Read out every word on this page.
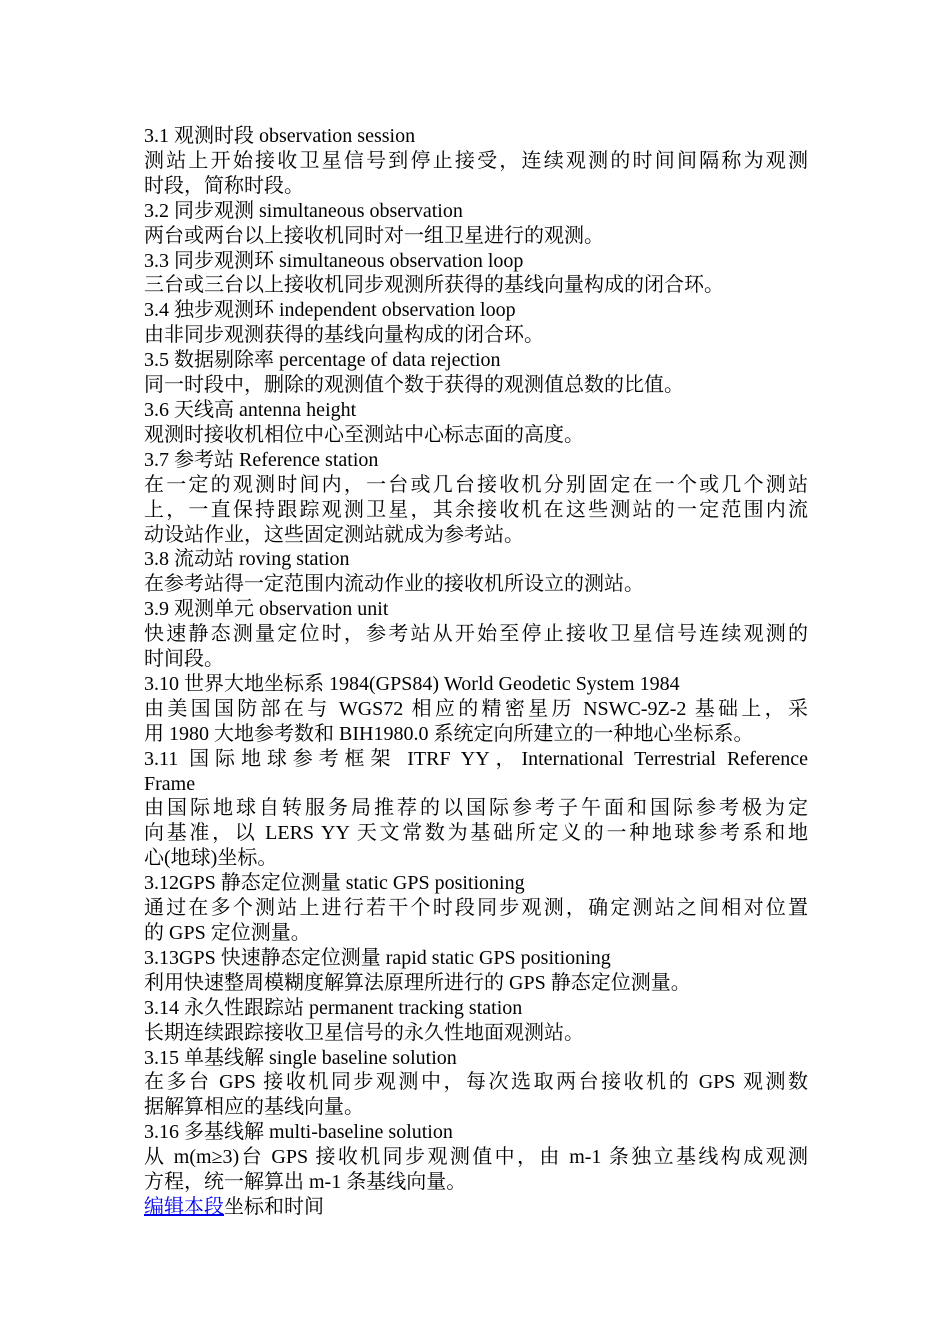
3.1 观测时段 observation session
测站上开始接收卫星信号到停止接受，连续观测的时间间隔称为观测
时段，简称时段。
3.2 同步观测 simultaneous observation
两台或两台以上接收机同时对一组卫星进行的观测。
3.3 同步观测环 simultaneous observation loop
三台或三台以上接收机同步观测所获得的基线向量构成的闭合环。
3.4 独步观测环 independent observation loop
由非同步观测获得的基线向量构成的闭合环。
3.5 数据剔除率 percentage of data rejection
同一时段中，删除的观测值个数于获得的观测值总数的比值。
3.6 天线高 antenna height
观测时接收机相位中心至测站中心标志面的高度。
3.7 参考站 Reference station
在一定的观测时间内，一台或几台接收机分别固定在一个或几个测站
上，一直保持跟踪观测卫星，其余接收机在这些测站的一定范围内流
动设站作业，这些固定测站就成为参考站。
3.8 流动站 roving station
在参考站得一定范围内流动作业的接收机所设立的测站。
3.9 观测单元 observation unit
快速静态测量定位时，参考站从开始至停止接收卫星信号连续观测的
时间段。
3.10 世界大地坐标系 1984(GPS84) World Geodetic System 1984
由美国国防部在与 WGS72 相应的精密星历 NSWC-9Z-2 基础上，采
用 1980 大地参考数和 BIH1980.0 系统定向所建立的一种地心坐标系。
3.11 国际地球参考框架 ITRF YY，International Terrestrial Reference
Frame
由国际地球自转服务局推荐的以国际参考子午面和国际参考极为定
向基准，以 LERS YY 天文常数为基础所定义的一种地球参考系和地
心(地球)坐标。
3.12GPS 静态定位测量 static GPS positioning
通过在多个测站上进行若干个时段同步观测，确定测站之间相对位置
的 GPS 定位测量。
3.13GPS 快速静态定位测量 rapid static GPS positioning
利用快速整周模糊度解算法原理所进行的 GPS 静态定位测量。
3.14 永久性跟踪站 permanent tracking station
长期连续跟踪接收卫星信号的永久性地面观测站。
3.15 单基线解 single baseline solution
在多台 GPS 接收机同步观测中，每次选取两台接收机的 GPS 观测数
据解算相应的基线向量。
3.16 多基线解 multi-baseline solution
从 m(m≥3)台 GPS 接收机同步观测值中，由 m-1 条独立基线构成观测
方程，统一解算出 m-1 条基线向量。
编辑本段坐标和时间
